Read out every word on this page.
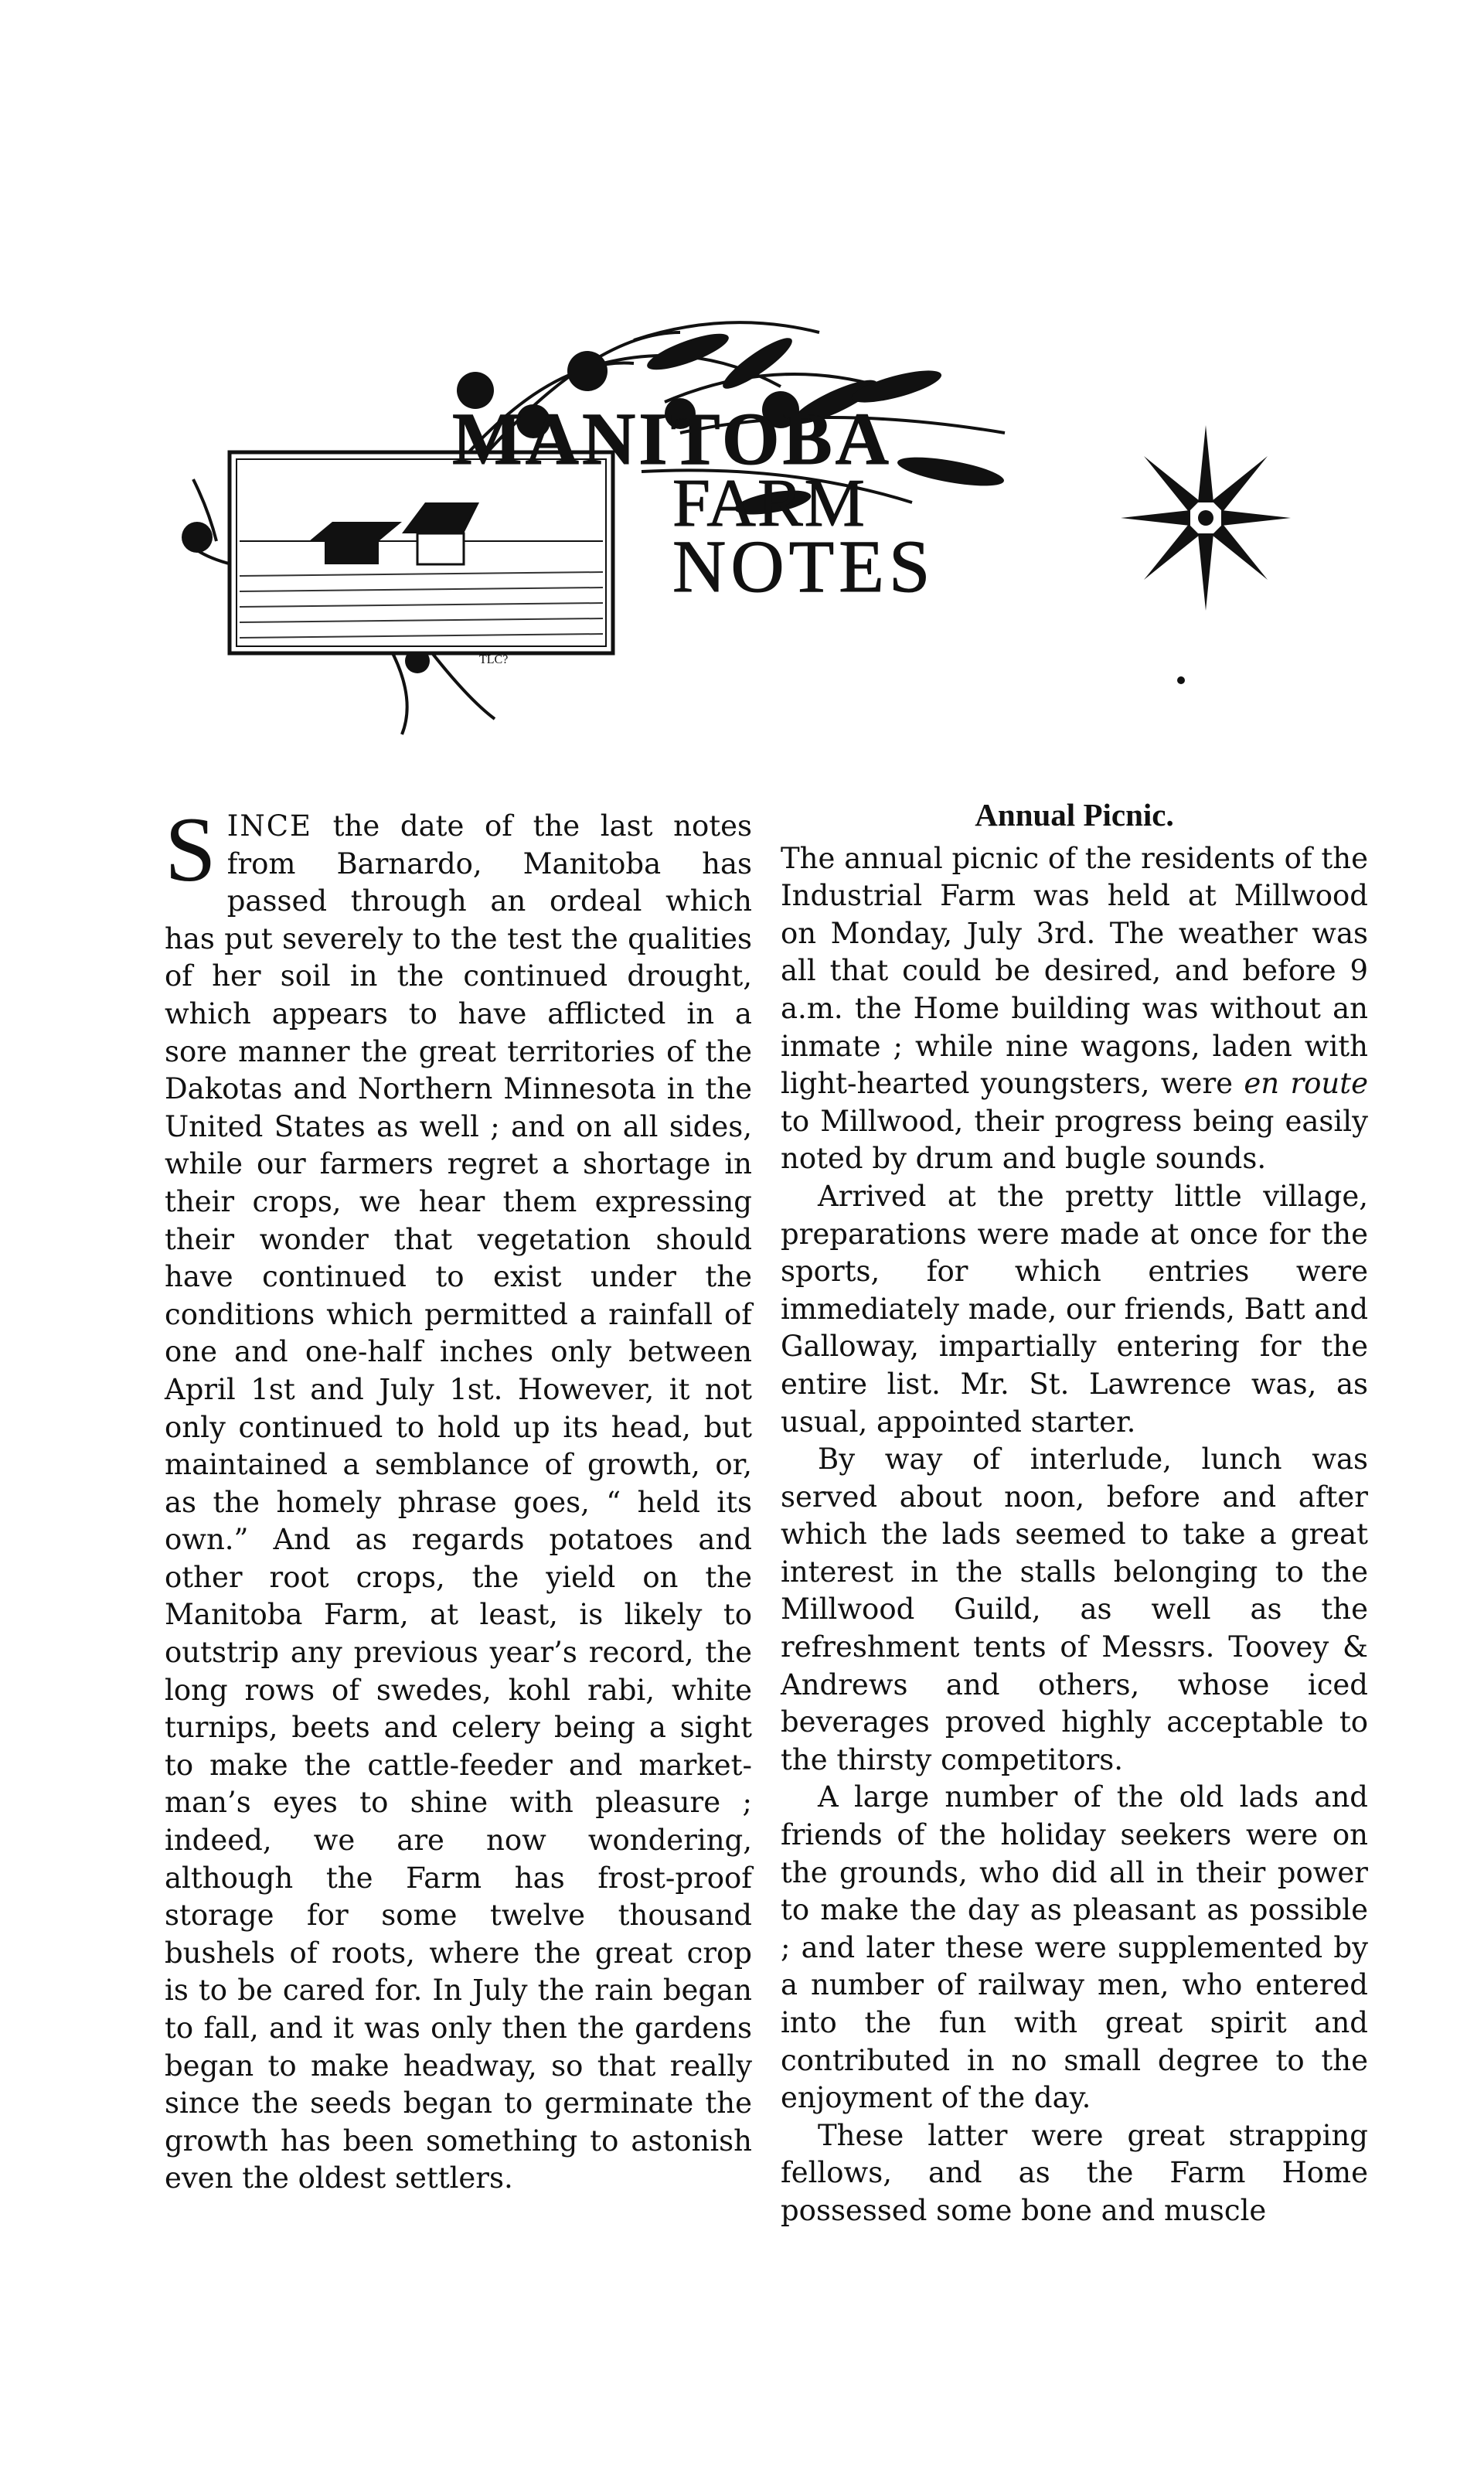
MANITOBA
FARM
NOTES
TLC?

SINCE the date of the last notes from Barnardo, Manitoba has passed through an ordeal which has put severely to the test the qualities of her soil in the continued drought, which appears to have afflicted in a sore manner the great territories of the Dakotas and Northern Minnesota in the United States as well ; and on all sides, while our farmers regret a shortage in their crops, we hear them expressing their wonder that vegetation should have continued to exist under the conditions which permitted a rainfall of one and one-half inches only between April 1st and July 1st. However, it not only continued to hold up its head, but maintained a semblance of growth, or, as the homely phrase goes, “ held its own.” And as regards potatoes and other root crops, the yield on the Manitoba Farm, at least, is likely to outstrip any previous year’s record, the long rows of swedes, kohl rabi, white turnips, beets and celery being a sight to make the cattle-feeder and market-man’s eyes to shine with pleasure ; indeed, we are now wondering, although the Farm has frost-proof storage for some twelve thousand bushels of roots, where the great crop is to be cared for. In July the rain began to fall, and it was only then the gardens began to make headway, so that really since the seeds began to germinate the growth has been something to astonish even the oldest settlers.

Annual Picnic.

The annual picnic of the residents of the Industrial Farm was held at Millwood on Monday, July 3rd. The weather was all that could be desired, and before 9 a.m. the Home building was without an inmate ; while nine wagons, laden with light-hearted youngsters, were en route to Millwood, their progress being easily noted by drum and bugle sounds.

Arrived at the pretty little village, preparations were made at once for the sports, for which entries were immediately made, our friends, Batt and Galloway, impartially entering for the entire list. Mr. St. Lawrence was, as usual, appointed starter.

By way of interlude, lunch was served about noon, before and after which the lads seemed to take a great interest in the stalls belonging to the Millwood Guild, as well as the refreshment tents of Messrs. Toovey & Andrews and others, whose iced beverages proved highly acceptable to the thirsty competitors.

A large number of the old lads and friends of the holiday seekers were on the grounds, who did all in their power to make the day as pleasant as possible ; and later these were supplemented by a number of railway men, who entered into the fun with great spirit and contributed in no small degree to the enjoyment of the day.

These latter were great strapping fellows, and as the Farm Home possessed some bone and muscle
